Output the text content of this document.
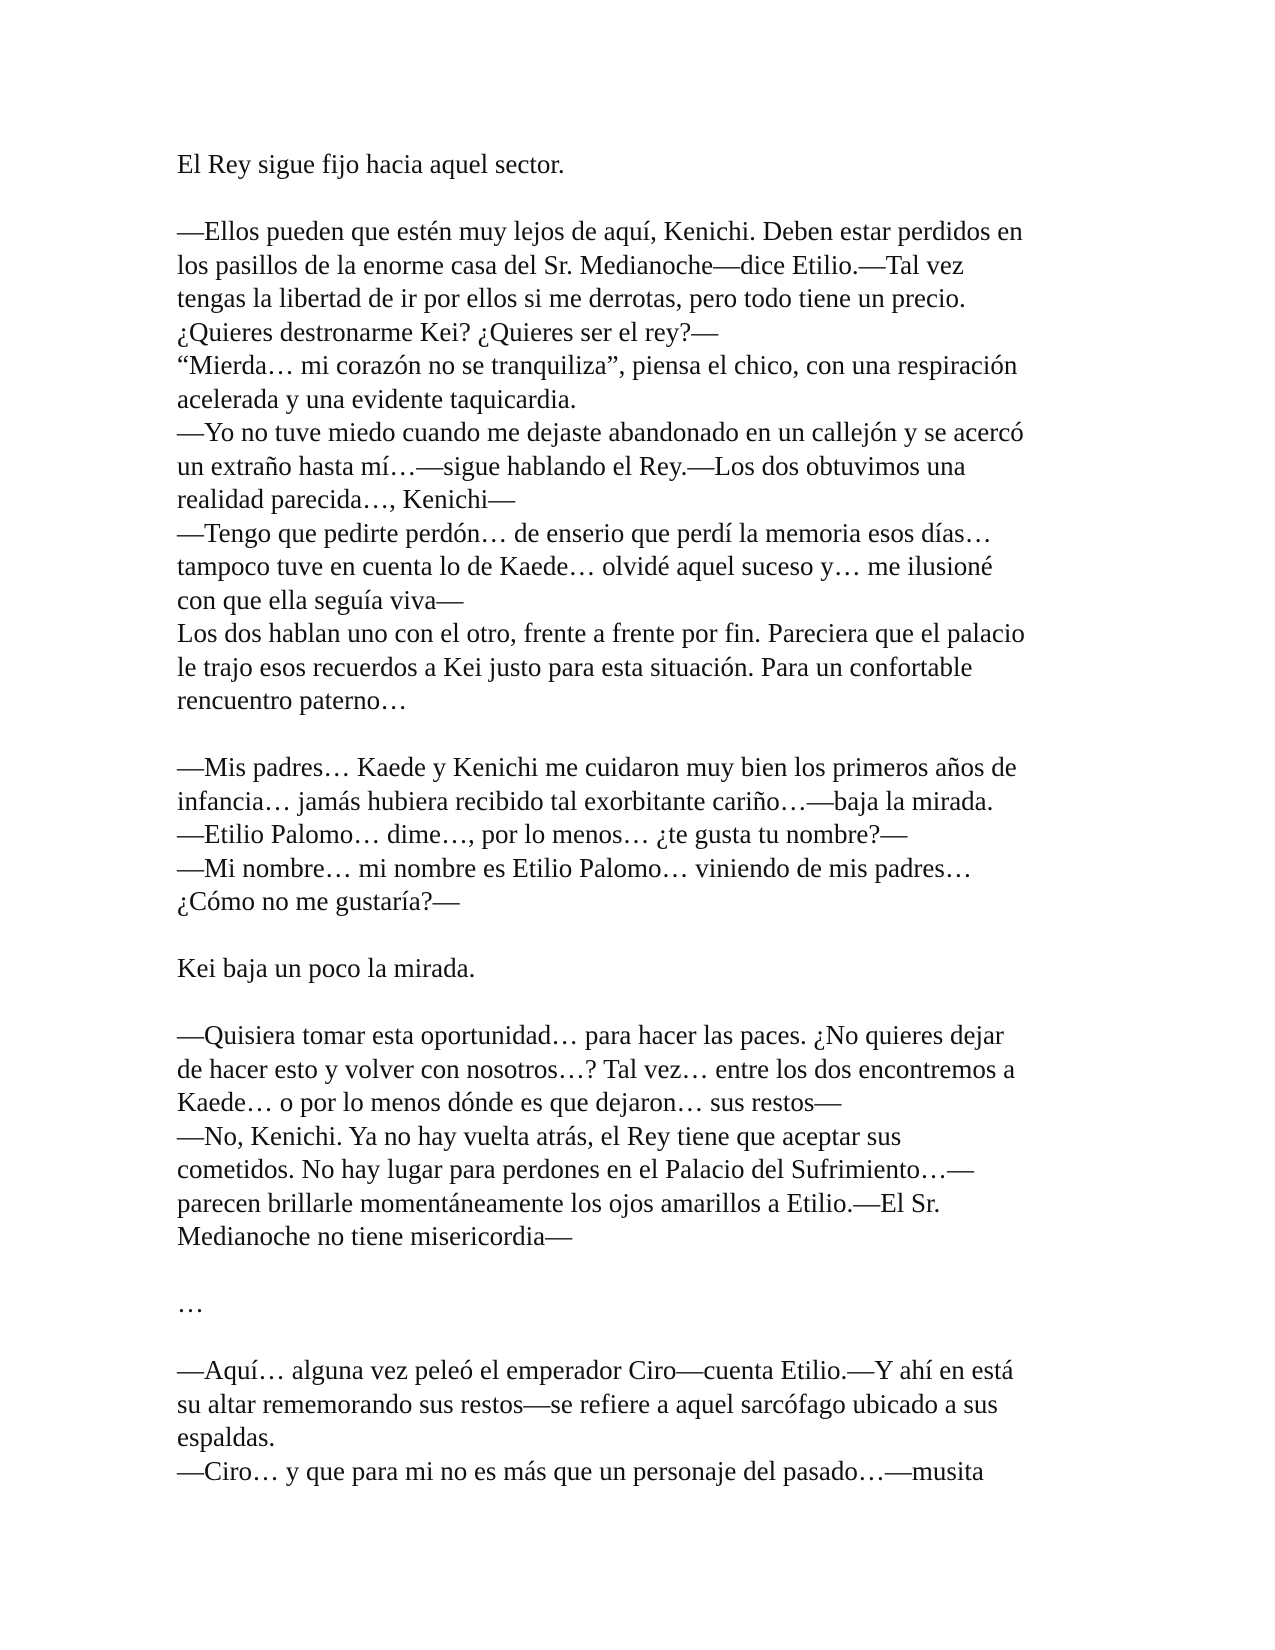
El Rey sigue fijo hacia aquel sector.
—Ellos pueden que estén muy lejos de aquí, Kenichi. Deben estar perdidos en
los pasillos de la enorme casa del Sr. Medianoche—dice Etilio.—Tal vez
tengas la libertad de ir por ellos si me derrotas, pero todo tiene un precio.
¿Quieres destronarme Kei? ¿Quieres ser el rey?—
“Mierda… mi corazón no se tranquiliza”, piensa el chico, con una respiración
acelerada y una evidente taquicardia.
—Yo no tuve miedo cuando me dejaste abandonado en un callejón y se acercó
un extraño hasta mí…—sigue hablando el Rey.—Los dos obtuvimos una
realidad parecida…, Kenichi—
—Tengo que pedirte perdón… de enserio que perdí la memoria esos días…
tampoco tuve en cuenta lo de Kaede… olvidé aquel suceso y… me ilusioné
con que ella seguía viva—
Los dos hablan uno con el otro, frente a frente por fin. Pareciera que el palacio
le trajo esos recuerdos a Kei justo para esta situación. Para un confortable
rencuentro paterno…
—Mis padres… Kaede y Kenichi me cuidaron muy bien los primeros años de
infancia… jamás hubiera recibido tal exorbitante cariño…—baja la mirada.
—Etilio Palomo… dime…, por lo menos… ¿te gusta tu nombre?—
—Mi nombre… mi nombre es Etilio Palomo… viniendo de mis padres…
¿Cómo no me gustaría?—
Kei baja un poco la mirada.
—Quisiera tomar esta oportunidad… para hacer las paces. ¿No quieres dejar
de hacer esto y volver con nosotros…? Tal vez… entre los dos encontremos a
Kaede… o por lo menos dónde es que dejaron… sus restos—
—No, Kenichi. Ya no hay vuelta atrás, el Rey tiene que aceptar sus
cometidos. No hay lugar para perdones en el Palacio del Sufrimiento…—
parecen brillarle momentáneamente los ojos amarillos a Etilio.—El Sr.
Medianoche no tiene misericordia—
…
—Aquí… alguna vez peleó el emperador Ciro—cuenta Etilio.—Y ahí en está
su altar rememorando sus restos—se refiere a aquel sarcófago ubicado a sus
espaldas.
—Ciro… y que para mi no es más que un personaje del pasado…—musita
